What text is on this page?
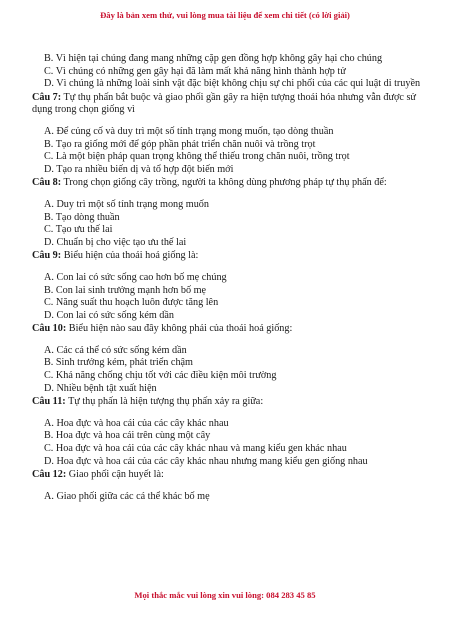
Đây là bản xem thử, vui lòng mua tài liệu để xem chi tiết (có lời giải)
B. Vì hiện tại chúng đang mang những cặp gen đồng hợp không gây hại cho chúng
C. Vì chúng có những gen gây hại đã làm mất khả năng hình thành hợp tử
D. Vì chúng là những loài sinh vật đặc biệt không chịu sự chi phối của các qui luật di truyền
Câu 7: Tự thụ phấn bắt buộc và giao phối gần gây ra hiện tượng thoái hóa nhưng vẫn được sử dụng trong chọn giống vì
A. Để củng cố và duy trì một số tính trạng mong muốn, tạo dòng thuần
B. Tạo ra giống mới để góp phần phát triển chăn nuôi và trồng trọt
C. Là một biện pháp quan trọng không thể thiếu trong chăn nuôi, trồng trọt
D. Tạo ra nhiều biến dị và tổ hợp đột biến mới
Câu 8: Trong chọn giống cây trồng, người ta không dùng phương pháp tự thụ phấn để:
A. Duy trì một số tính trạng mong muốn
B. Tạo dòng thuần
C. Tạo ưu thế lai
D. Chuẩn bị cho việc tạo ưu thế lai
Câu 9: Biểu hiện của thoái hoá giống là:
A. Con lai có sức sống cao hơn bố mẹ chúng
B. Con lai sinh trưởng mạnh hơn bố mẹ
C. Năng suất thu hoạch luôn được tăng lên
D. Con lai có sức sống kém dần
Câu 10: Biểu hiện nào sau đây không phải của thoái hoá giống:
A. Các cá thể có sức sống kém dần
B. Sinh trưởng kém, phát triển chậm
C. Khả năng chống chịu tốt với các điều kiện môi trường
D. Nhiều bệnh tật xuất hiện
Câu 11: Tự thụ phấn là hiện tượng thụ phấn xảy ra giữa:
A. Hoa đực và hoa cái của các cây khác nhau
B. Hoa đực và hoa cái trên cùng một cây
C. Hoa đực và hoa cái của các cây khác nhau và mang kiểu gen khác nhau
D. Hoa đực và hoa cái của các cây khác nhau nhưng mang kiểu gen giống nhau
Câu 12: Giao phối cận huyết là:
A. Giao phối giữa các cá thể khác bố mẹ
Mọi thắc mắc vui lòng xin vui lòng: 084 283 45 85
